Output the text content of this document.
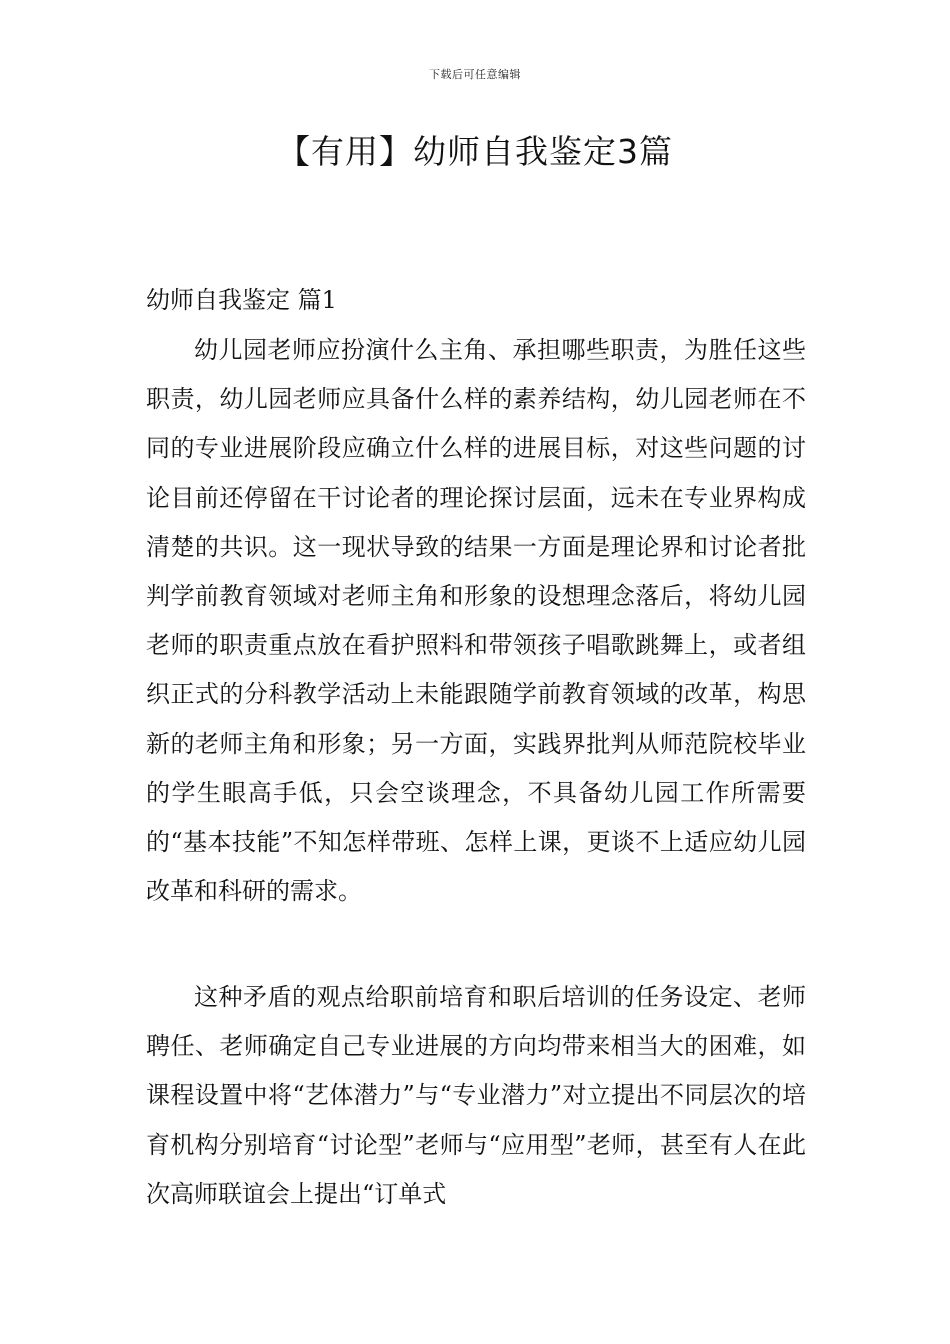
下载后可任意编辑
【有用】幼师自我鉴定3篇
幼师自我鉴定 篇1

幼儿园老师应扮演什么主角、承担哪些职责，为胜任这些职责，幼儿园老师应具备什么样的素养结构，幼儿园老师在不同的专业进展阶段应确立什么样的进展目标，对这些问题的讨论目前还停留在干讨论者的理论探讨层面，远未在专业界构成清楚的共识。这一现状导致的结果一方面是理论界和讨论者批判学前教育领域对老师主角和形象的设想理念落后，将幼儿园老师的职责重点放在看护照料和带领孩子唱歌跳舞上，或者组织正式的分科教学活动上未能跟随学前教育领域的改革，构思新的老师主角和形象；另一方面，实践界批判从师范院校毕业的学生眼高手低，只会空谈理念，不具备幼儿园工作所需要的“基本技能”不知怎样带班、怎样上课，更谈不上适应幼儿园改革和科研的需求。

这种矛盾的观点给职前培育和职后培训的任务设定、老师聘任、老师确定自己专业进展的方向均带来相当大的困难，如课程设置中将“艺体潜力”与“专业潜力”对立提出不同层次的培育机构分别培育“讨论型”老师与“应用型”老师，甚至有人在此次高师联谊会上提出“订单式
